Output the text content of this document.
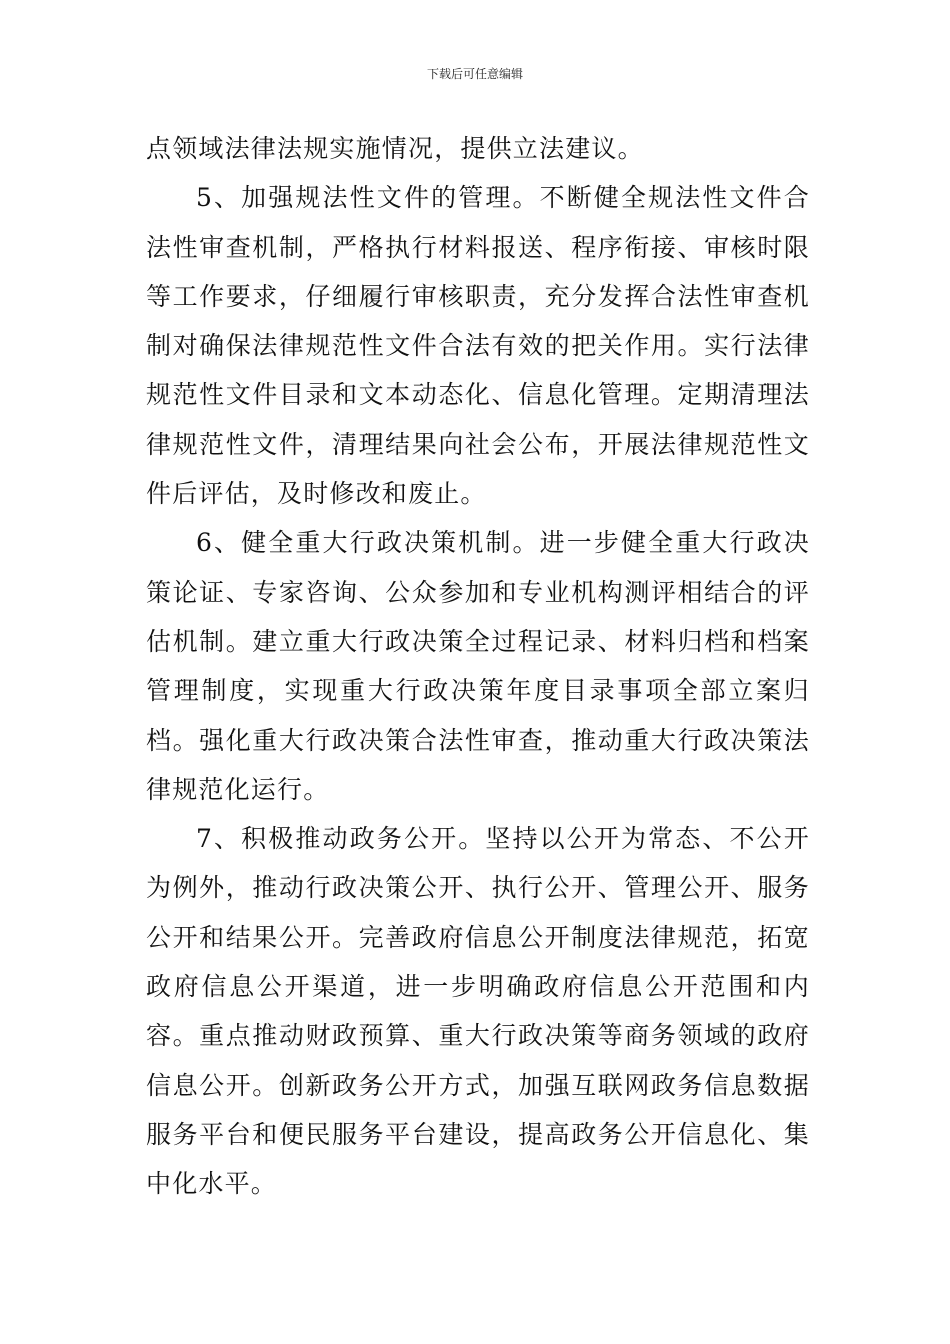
下载后可任意编辑

点领域法律法规实施情况，提供立法建议。

5、加强规法性文件的管理。不断健全规法性文件合法性审查机制，严格执行材料报送、程序衔接、审核时限等工作要求，仔细履行审核职责，充分发挥合法性审查机制对确保法律规范性文件合法有效的把关作用。实行法律规范性文件目录和文本动态化、信息化管理。定期清理法律规范性文件，清理结果向社会公布，开展法律规范性文件后评估，及时修改和废止。

6、健全重大行政决策机制。进一步健全重大行政决策论证、专家咨询、公众参加和专业机构测评相结合的评估机制。建立重大行政决策全过程记录、材料归档和档案管理制度，实现重大行政决策年度目录事项全部立案归档。强化重大行政决策合法性审查，推动重大行政决策法律规范化运行。

7、积极推动政务公开。坚持以公开为常态、不公开为例外，推动行政决策公开、执行公开、管理公开、服务公开和结果公开。完善政府信息公开制度法律规范，拓宽政府信息公开渠道，进一步明确政府信息公开范围和内容。重点推动财政预算、重大行政决策等商务领域的政府信息公开。创新政务公开方式，加强互联网政务信息数据服务平台和便民服务平台建设，提高政务公开信息化、集中化水平。
